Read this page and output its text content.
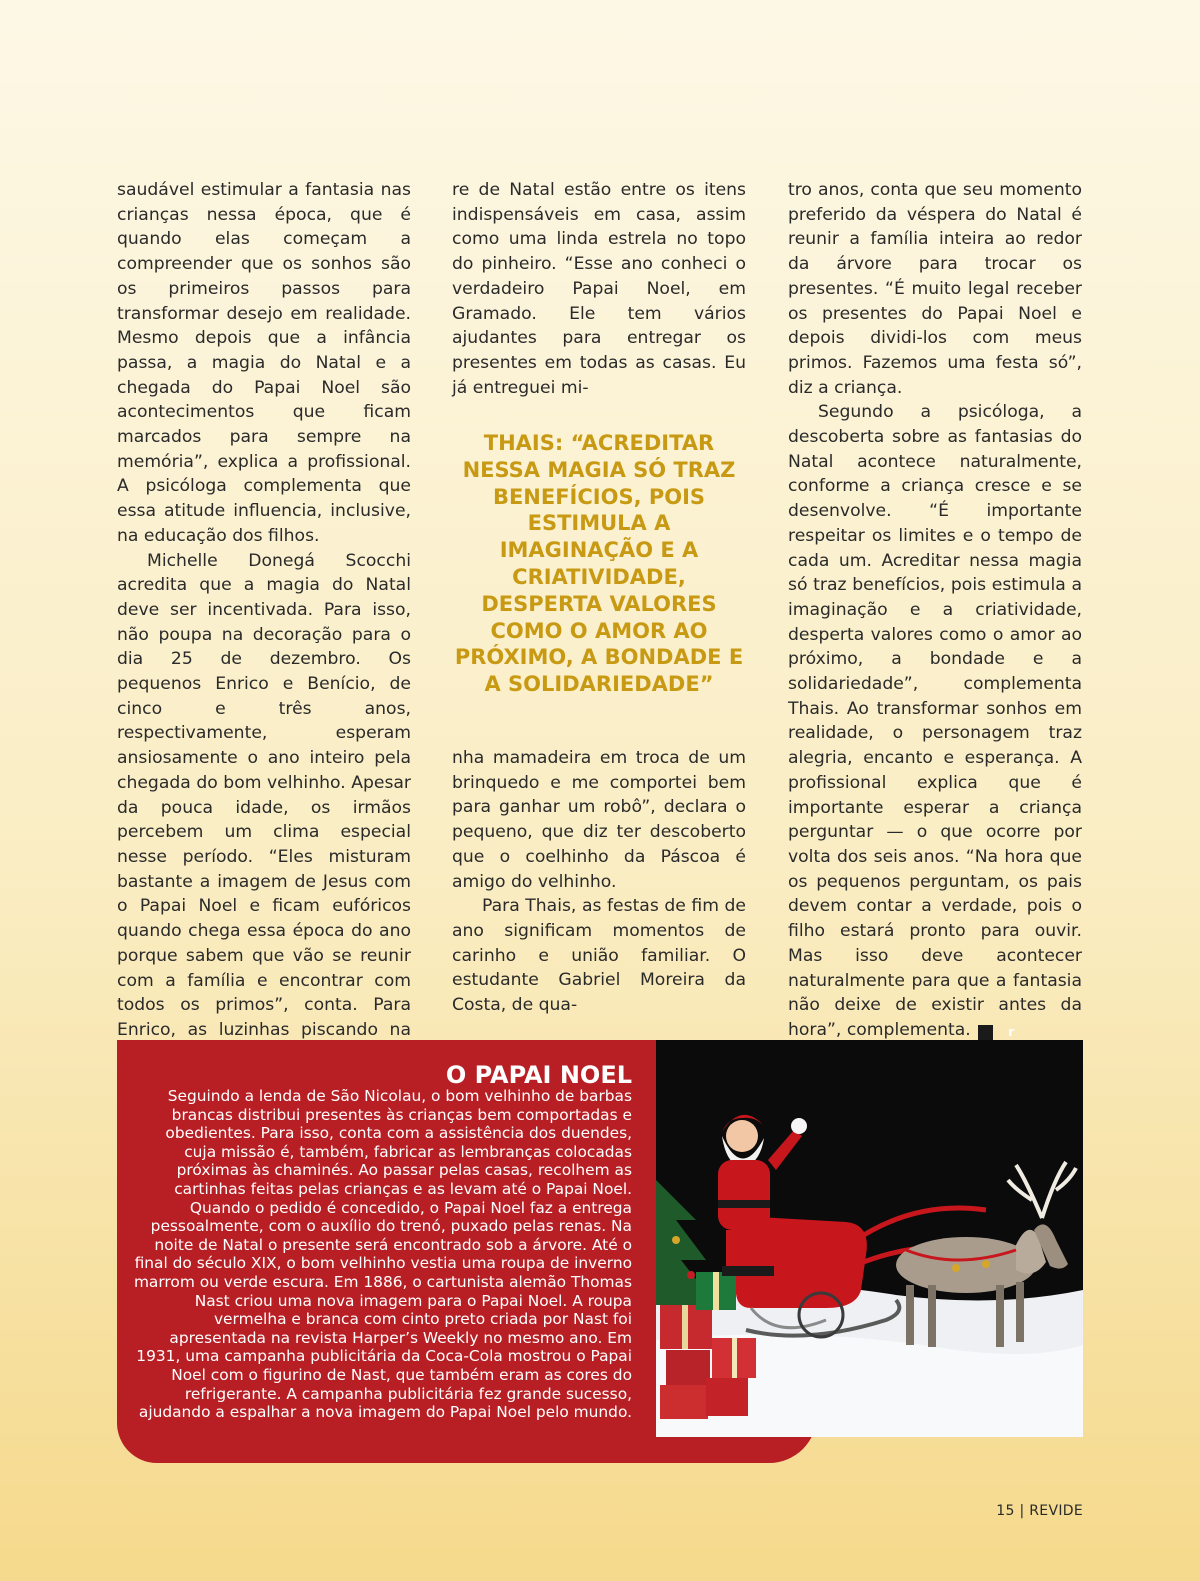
saudável estimular a fantasia nas crianças nessa época, que é quando elas começam a compreender que os sonhos são os primeiros passos para transformar desejo em realidade. Mesmo depois que a infância passa, a magia do Natal e a chegada do Papai Noel são acontecimentos que ficam marcados para sempre na memória”, explica a profissional. A psicóloga complementa que essa atitude influencia, inclusive, na educação dos filhos.

Michelle Donegá Scocchi acredita que a magia do Natal deve ser incentivada. Para isso, não poupa na decoração para o dia 25 de dezembro. Os pequenos Enrico e Benício, de cinco e três anos, respectivamente, esperam ansiosamente o ano inteiro pela chegada do bom velhinho. Apesar da pouca idade, os irmãos percebem um clima especial nesse período. “Eles misturam bastante a imagem de Jesus com o Papai Noel e ficam eufóricos quando chega essa época do ano porque sabem que vão se reunir com a família e encontrar com todos os primos”, conta. Para Enrico, as luzinhas piscando na

re de Natal estão entre os itens indispensáveis em casa, assim como uma linda estrela no topo do pinheiro. “Esse ano conheci o verdadeiro Papai Noel, em Gramado. Ele tem vários ajudantes para entregar os presentes em todas as casas. Eu já entreguei mi-

THAIS: “ACREDITAR NESSA MAGIA SÓ TRAZ BENEFÍCIOS, POIS ESTIMULA A IMAGINAÇÃO E A CRIATIVIDADE, DESPERTA VALORES COMO O AMOR AO PRÓXIMO, A BONDADE E A SOLIDARIEDADE”

nha mamadeira em troca de um brinquedo e me comportei bem para ganhar um robô”, declara o pequeno, que diz ter descoberto que o coelhinho da Páscoa é amigo do velhinho.

Para Thais, as festas de fim de ano significam momentos de carinho e união familiar. O estudante Gabriel Moreira da Costa, de qua-

tro anos, conta que seu momento preferido da véspera do Natal é reunir a família inteira ao redor da árvore para trocar os presentes. “É muito legal receber os presentes do Papai Noel e depois dividi-los com meus primos. Fazemos uma festa só”, diz a criança.

Segundo a psicóloga, a descoberta sobre as fantasias do Natal acontece naturalmente, conforme a criança cresce e se desenvolve. “É importante respeitar os limites e o tempo de cada um. Acreditar nessa magia só traz benefícios, pois estimula a imaginação e a criatividade, desperta valores como o amor ao próximo, a bondade e a solidariedade”, complementa Thais. Ao transformar sonhos em realidade, o personagem traz alegria, encanto e esperança. A profissional explica que é importante esperar a criança perguntar — o que ocorre por volta dos seis anos. “Na hora que os pequenos perguntam, os pais devem contar a verdade, pois o filho estará pronto para ouvir. Mas isso deve acontecer naturalmente para que a fantasia não deixe de existir antes da hora”, complementa.	r

O PAPAI NOEL
Seguindo a lenda de São Nicolau, o bom velhinho de barbas brancas distribui presentes às crianças bem comportadas e obedientes. Para isso, conta com a assistência dos duendes, cuja missão é, também, fabricar as lembranças colocadas próximas às chaminés. Ao passar pelas casas, recolhem as cartinhas feitas pelas crianças e as levam até o Papai Noel. Quando o pedido é concedido, o Papai Noel faz a entrega pessoalmente, com o auxílio do trenó, puxado pelas renas. Na noite de Natal o presente será encontrado sob a árvore. Até o final do século XIX, o bom velhinho vestia uma roupa de inverno marrom ou verde escura. Em 1886, o cartunista alemão Thomas Nast criou uma nova imagem para o Papai Noel. A roupa vermelha e branca com cinto preto criada por Nast foi apresentada na revista Harper’s Weekly no mesmo ano. Em 1931, uma campanha publicitária da Coca-Cola mostrou o Papai Noel com o figurino de Nast, que também eram as cores do refrigerante. A campanha publicitária fez grande sucesso, ajudando a espalhar a nova imagem do Papai Noel pelo mundo.
15 | REVIDE
